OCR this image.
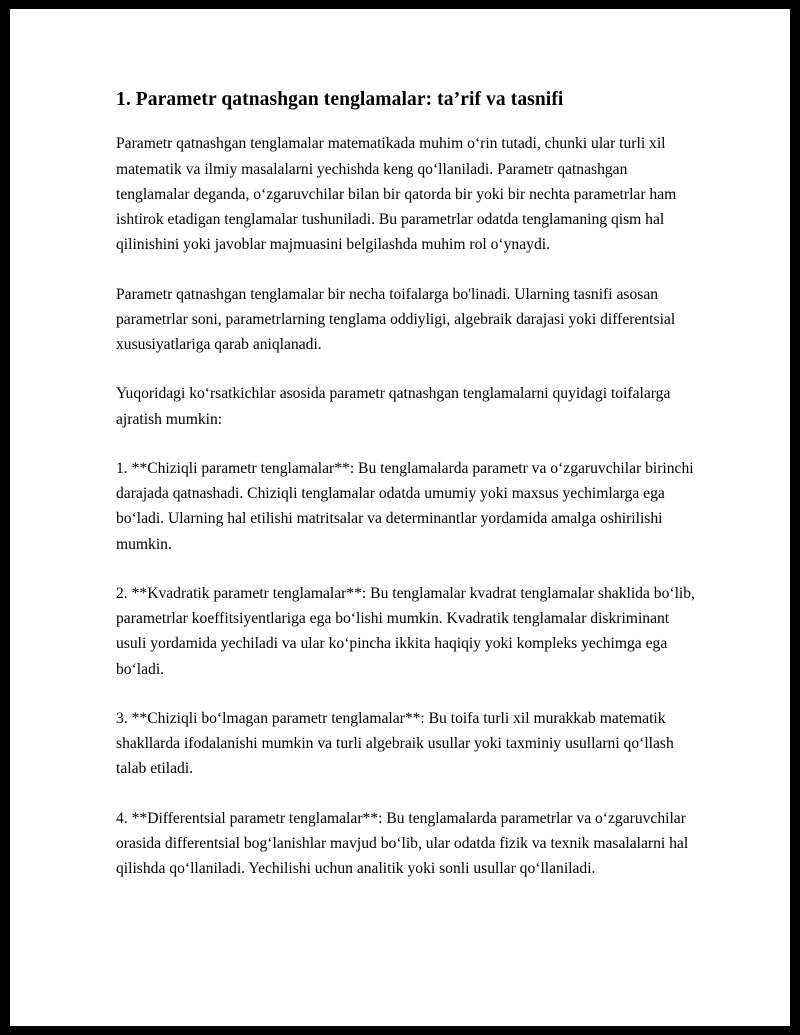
1. Parametr qatnashgan tenglamalar: ta’rif va tasnifi

Parametr qatnashgan tenglamalar matematikada muhim o‘rin tutadi, chunki ular turli xil matematik va ilmiy masalalarni yechishda keng qo‘llaniladi. Parametr qatnashgan tenglamalar deganda, o‘zgaruvchilar bilan bir qatorda bir yoki bir nechta parametrlar ham ishtirok etadigan tenglamalar tushuniladi. Bu parametrlar odatda tenglamaning qism hal qilinishini yoki javoblar majmuasini belgilashda muhim rol o‘ynaydi.

Parametr qatnashgan tenglamalar bir necha toifalarga bo'linadi. Ularning tasnifi asosan parametrlar soni, parametrlarning tenglama oddiyligi, algebraik darajasi yoki differentsial xususiyatlariga qarab aniqlanadi.

Yuqoridagi ko‘rsatkichlar asosida parametr qatnashgan tenglamalarni quyidagi toifalarga ajratish mumkin:

1. **Chiziqli parametr tenglamalar**: Bu tenglamalarda parametr va o‘zgaruvchilar birinchi darajada qatnashadi. Chiziqli tenglamalar odatda umumiy yoki maxsus yechimlarga ega bo‘ladi. Ularning hal etilishi matritsalar va determinantlar yordamida amalga oshirilishi mumkin.

2. **Kvadratik parametr tenglamalar**: Bu tenglamalar kvadrat tenglamalar shaklida bo‘lib, parametrlar koeffitsiyentlariga ega bo‘lishi mumkin. Kvadratik tenglamalar diskriminant usuli yordamida yechiladi va ular ko‘pincha ikkita haqiqiy yoki kompleks yechimga ega bo‘ladi.

3. **Chiziqli bo‘lmagan parametr tenglamalar**: Bu toifa turli xil murakkab matematik shakllarda ifodalanishi mumkin va turli algebraik usullar yoki taxminiy usullarni qo‘llash talab etiladi.

4. **Differentsial parametr tenglamalar**: Bu tenglamalarda parametrlar va o‘zgaruvchilar orasida differentsial bog‘lanishlar mavjud bo‘lib, ular odatda fizik va texnik masalalarni hal qilishda qo‘llaniladi. Yechilishi uchun analitik yoki sonli usullar qo‘llaniladi.
